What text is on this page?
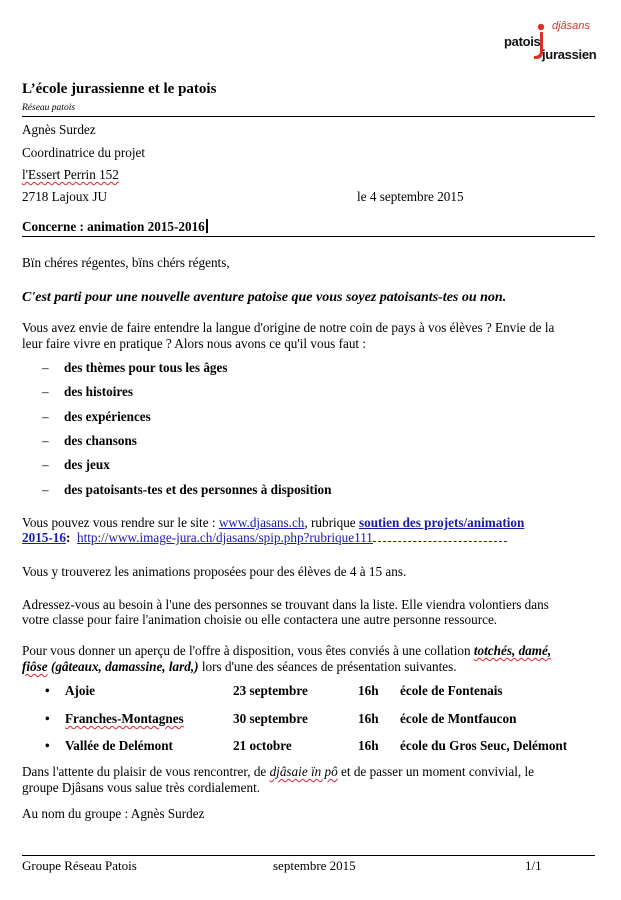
djâsans
patois
jurassien
L’école jurassienne et le patois
Réseau patois
Agnès Surdez
Coordinatrice du projet
l'Essert Perrin 152
2718 Lajoux JU	le 4 septembre 2015
Concerne : animation 2015-2016
Bïn chéres régentes, bïns chérs régents,
C'est parti pour une nouvelle aventure patoise que vous soyez patoisants-tes ou non.
Vous avez envie de faire entendre la langue d'origine de notre coin de pays à vos élèves ? Envie de la
leur faire vivre en pratique ? Alors nous avons ce qu'il vous faut :
– des thèmes pour tous les âges
– des histoires
– des expériences
– des chansons
– des jeux
– des patoisants-tes et des personnes à disposition
Vous pouvez vous rendre sur le site : www.djasans.ch, rubrique soutien des projets/animation
2015-16: http://www.image-jura.ch/djasans/spip.php?rubrique111
Vous y trouverez les animations proposées pour des élèves de 4 à 15 ans.
Adressez-vous au besoin à l'une des personnes se trouvant dans la liste. Elle viendra volontiers dans
votre classe pour faire l'animation choisie ou elle contactera une autre personne ressource.
Pour vous donner un aperçu de l'offre à disposition, vous êtes conviés à une collation totchés, damé,
fiôse (gâteaux, damassine, lard,) lors d'une des séances de présentation suivantes.
• Ajoie	23 septembre	16h école de Fontenais
• Franches-Montagnes	30 septembre	16h école de Montfaucon
• Vallée de Delémont	21 octobre	16h école du Gros Seuc, Delémont
Dans l'attente du plaisir de vous rencontrer, de djâsaie ïn pô et de passer un moment convivial, le
groupe Djâsans vous salue très cordialement.
Au nom du groupe : Agnès Surdez
Groupe Réseau Patois	septembre 2015	1/1
